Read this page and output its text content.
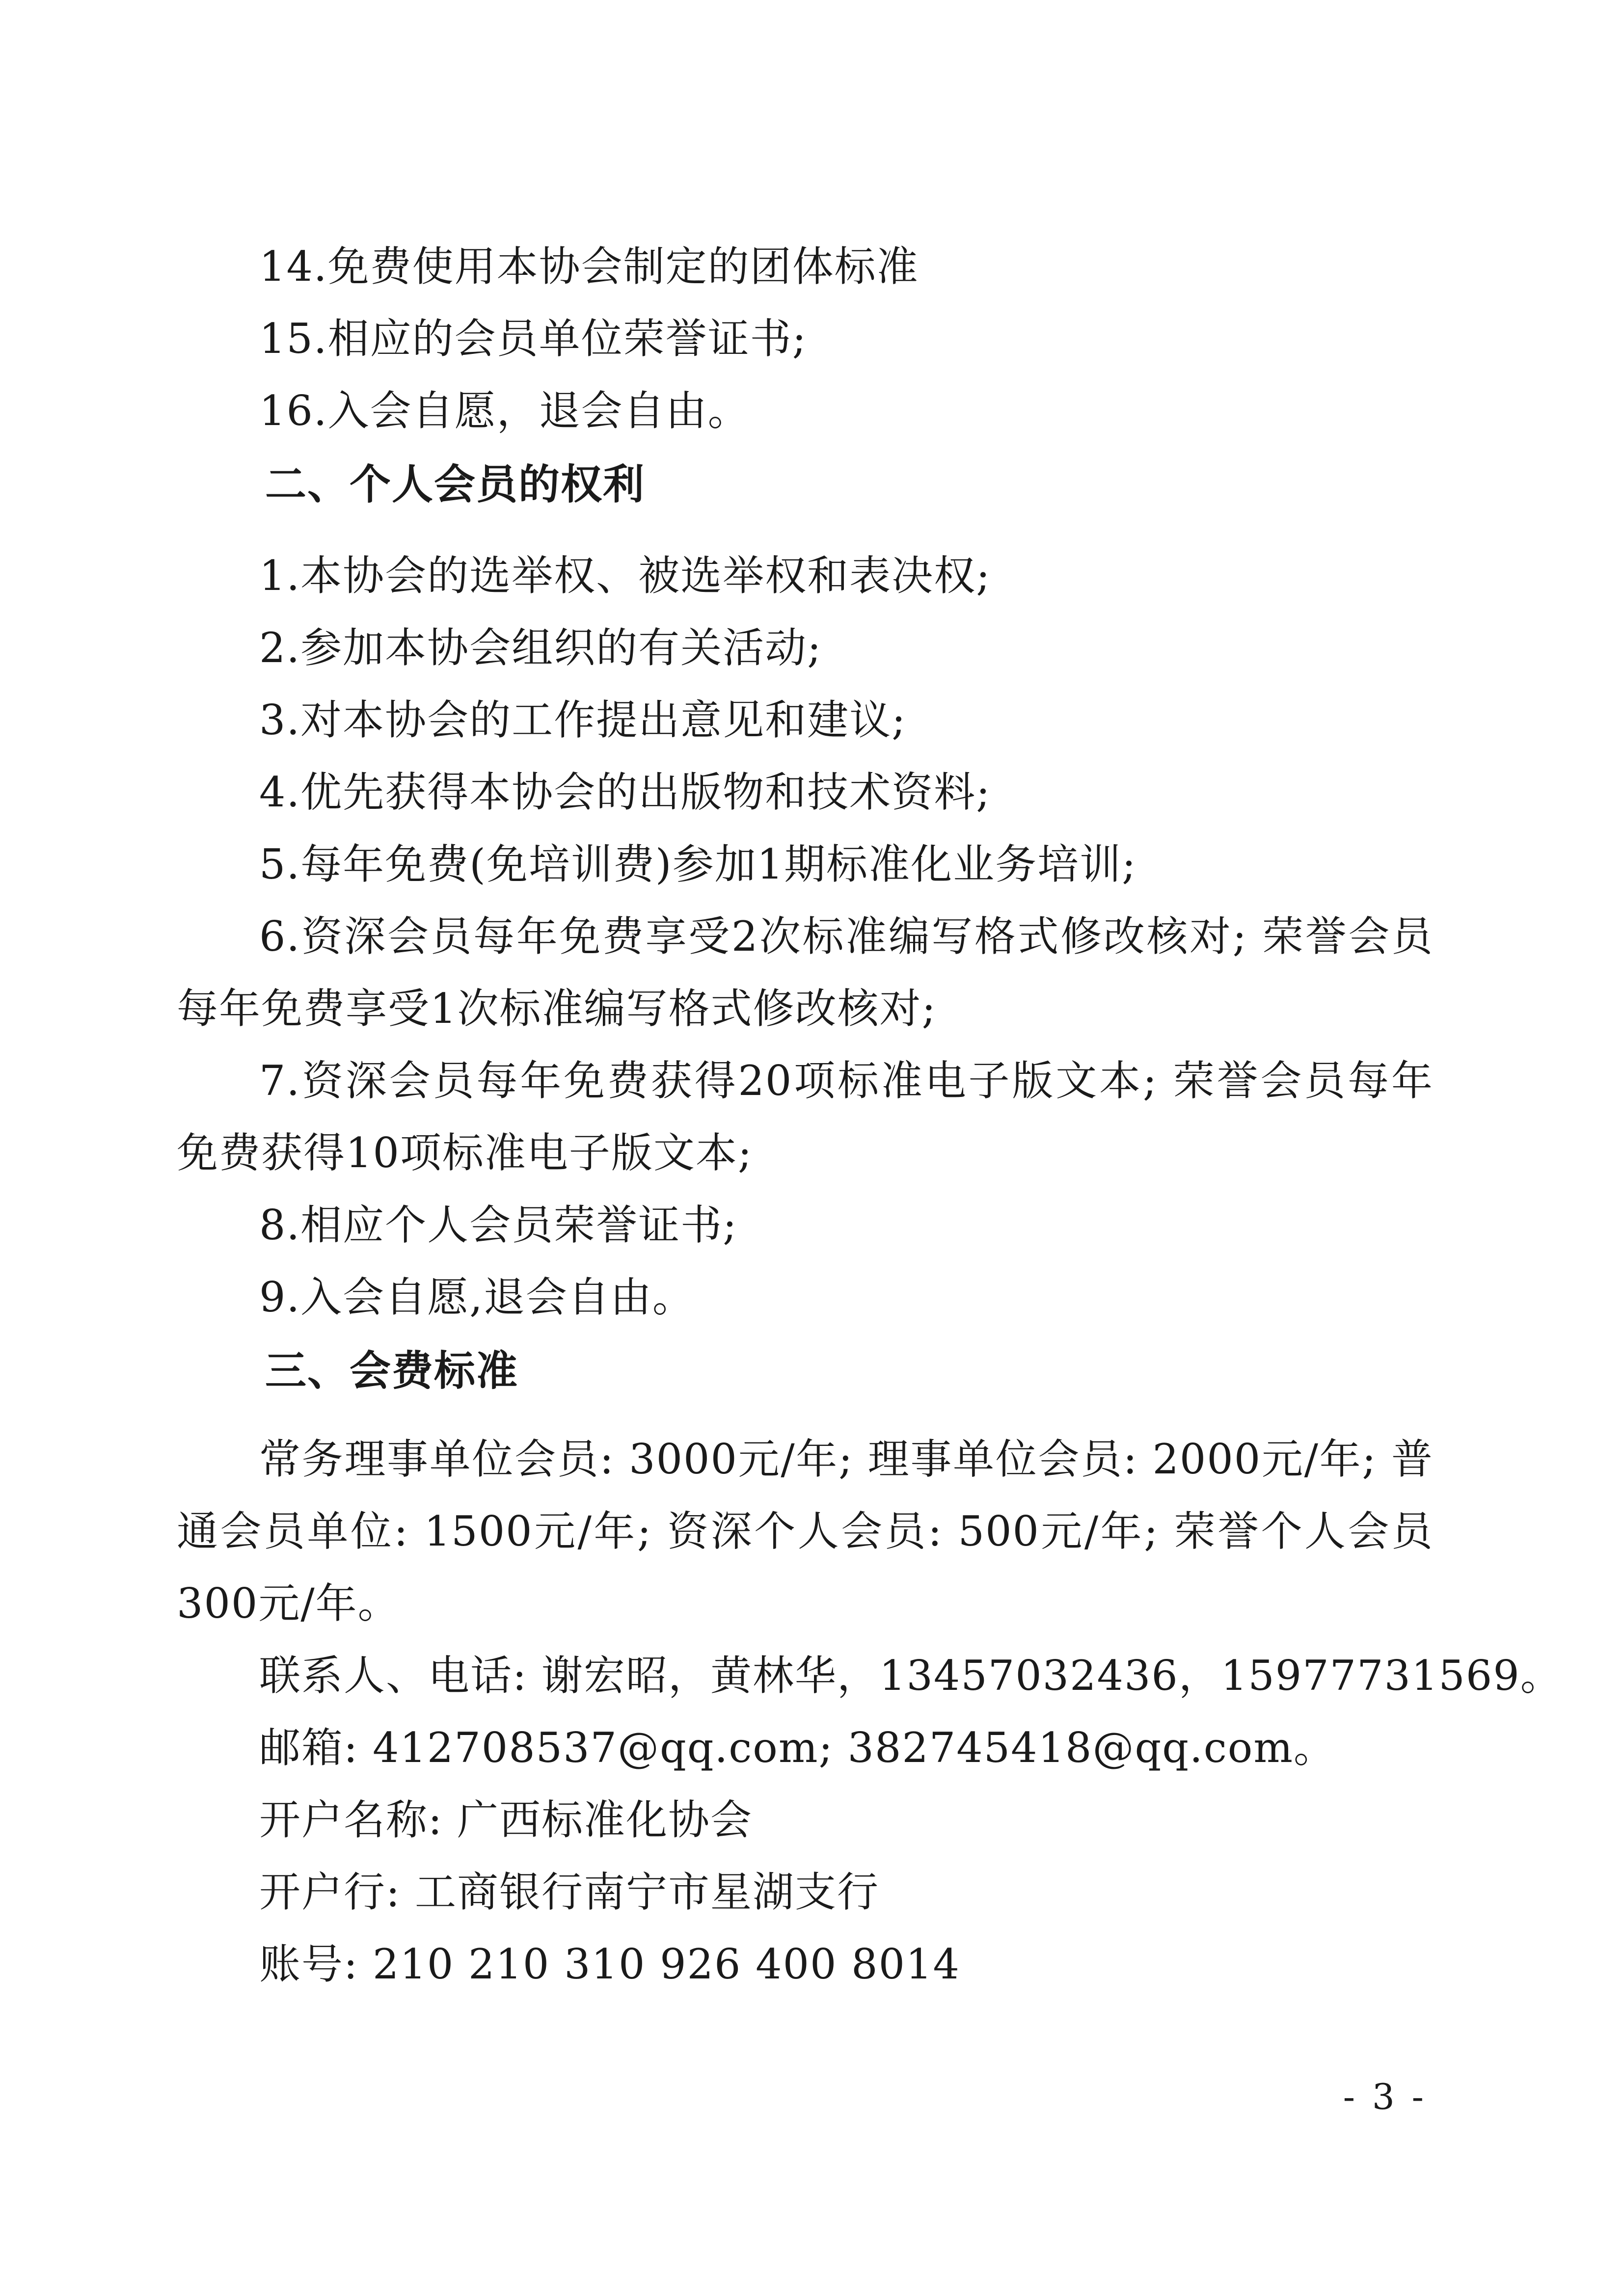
14.免费使用本协会制定的团体标准

15.相应的会员单位荣誉证书;

16.入会自愿，退会自由。

二、个人会员的权利

1.本协会的选举权、被选举权和表决权;

2.参加本协会组织的有关活动;

3.对本协会的工作提出意见和建议;

4.优先获得本协会的出版物和技术资料;

5.每年免费(免培训费)参加1期标准化业务培训;

6.资深会员每年免费享受2次标准编写格式修改核对; 荣誉会员每年免费享受1次标准编写格式修改核对;

7.资深会员每年免费获得20项标准电子版文本; 荣誉会员每年免费获得10项标准电子版文本;

8.相应个人会员荣誉证书;

9.入会自愿,退会自由。

三、会费标准

常务理事单位会员: 3000元/年; 理事单位会员: 2000元/年; 普通会员单位: 1500元/年; 资深个人会员: 500元/年; 荣誉个人会员300元/年。

联系人、电话: 谢宏昭，黄林华，13457032436，15977731569。

邮箱: 412708537@qq.com; 382745418@qq.com。

开户名称: 广西标准化协会

开户行: 工商银行南宁市星湖支行

账号: 210 210 310 926 400 8014

- 3 -
